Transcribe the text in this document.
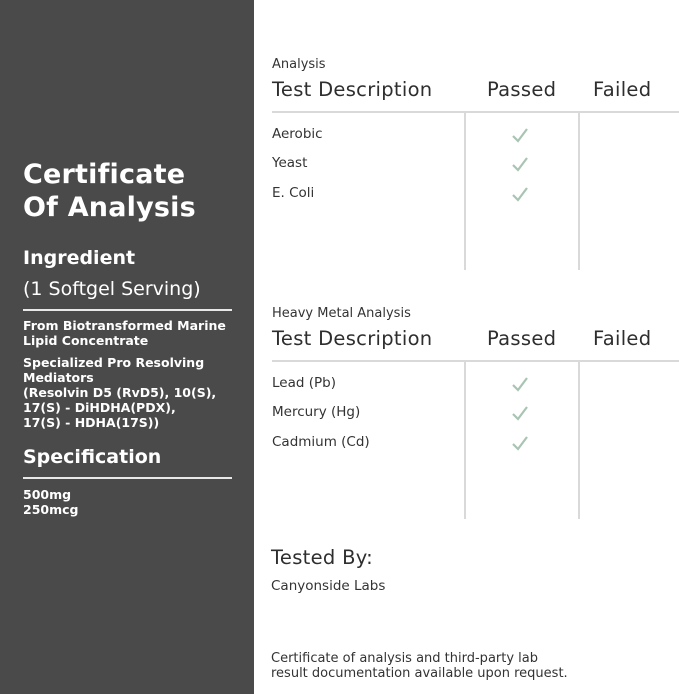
Certificate
Of Analysis
Ingredient
(1 Softgel Serving)
From Biotransformed Marine
Lipid Concentrate
Specialized Pro Resolving
Mediators
(Resolvin D5 (RvD5), 10(S),
17(S) - DiHDHA(PDX),
17(S) - HDHA(17S))
Specification
500mg
250mcg
Analysis
Test Description	Passed Failed
Aerobic
Yeast
E. Coli
Heavy Metal Analysis
Test Description	Passed Failed
Lead (Pb)
Mercury (Hg)
Cadmium (Cd)
Tested By:
Canyonside Labs
Certificate of analysis and third-party lab
result documentation available upon request.
